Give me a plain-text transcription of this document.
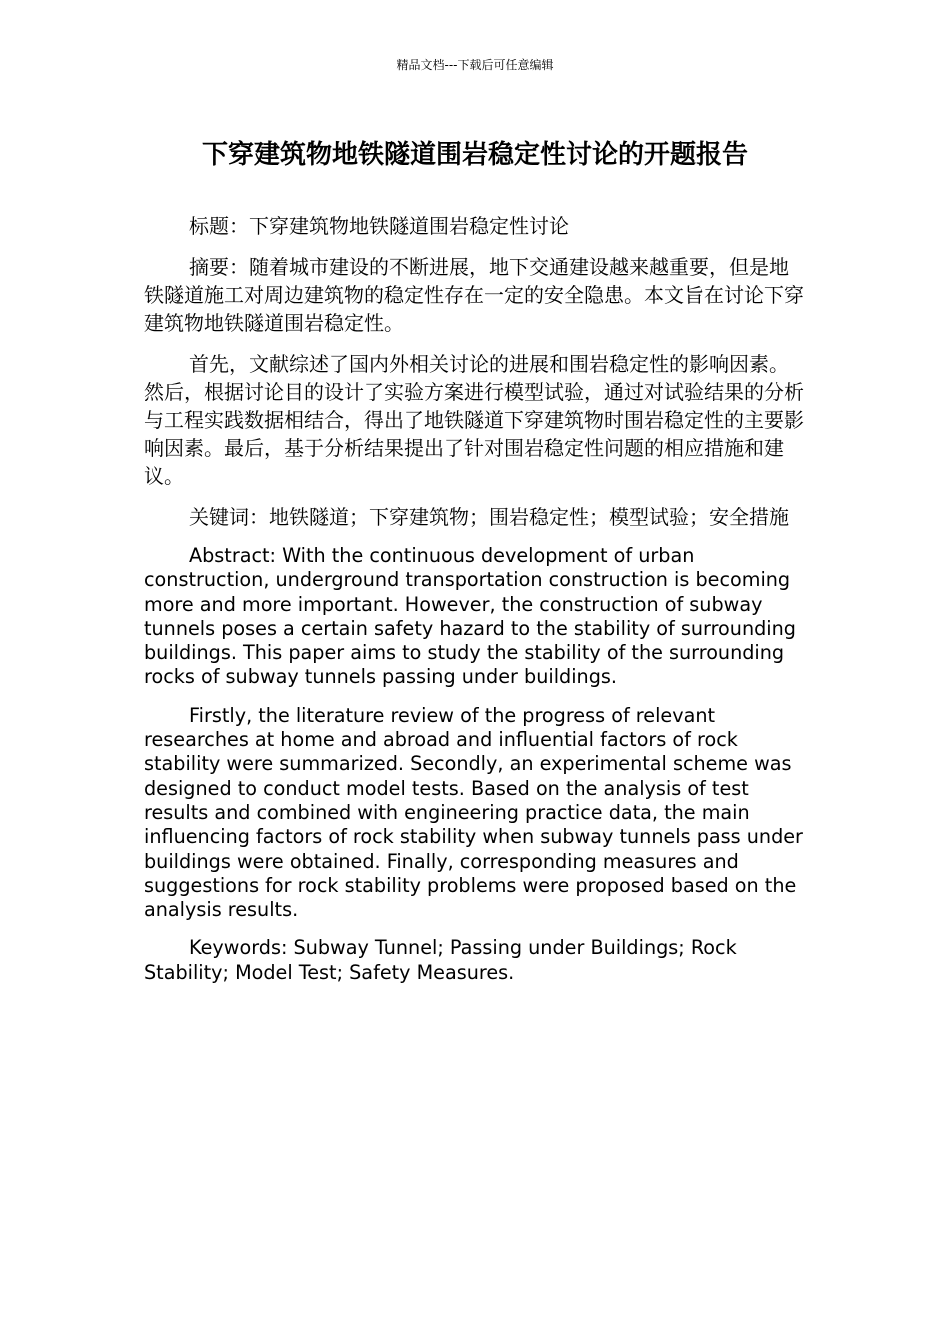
精品文档---下载后可任意编辑
下穿建筑物地铁隧道围岩稳定性讨论的开题报告

标题：下穿建筑物地铁隧道围岩稳定性讨论

摘要：随着城市建设的不断进展，地下交通建设越来越重要，但是地铁隧道施工对周边建筑物的稳定性存在一定的安全隐患。本文旨在讨论下穿建筑物地铁隧道围岩稳定性。

首先，文献综述了国内外相关讨论的进展和围岩稳定性的影响因素。然后，根据讨论目的设计了实验方案进行模型试验，通过对试验结果的分析与工程实践数据相结合，得出了地铁隧道下穿建筑物时围岩稳定性的主要影响因素。最后，基于分析结果提出了针对围岩稳定性问题的相应措施和建议。

关键词：地铁隧道；下穿建筑物；围岩稳定性；模型试验；安全措施

Abstract: With the continuous development of urban construction, underground transportation construction is becoming more and more important. However, the construction of subway tunnels poses a certain safety hazard to the stability of surrounding buildings. This paper aims to study the stability of the surrounding rocks of subway tunnels passing under buildings.

Firstly, the literature review of the progress of relevant researches at home and abroad and influential factors of rock stability were summarized. Secondly, an experimental scheme was designed to conduct model tests. Based on the analysis of test results and combined with engineering practice data, the main influencing factors of rock stability when subway tunnels pass under buildings were obtained. Finally, corresponding measures and suggestions for rock stability problems were proposed based on the analysis results.

Keywords: Subway Tunnel; Passing under Buildings; Rock Stability; Model Test; Safety Measures.
